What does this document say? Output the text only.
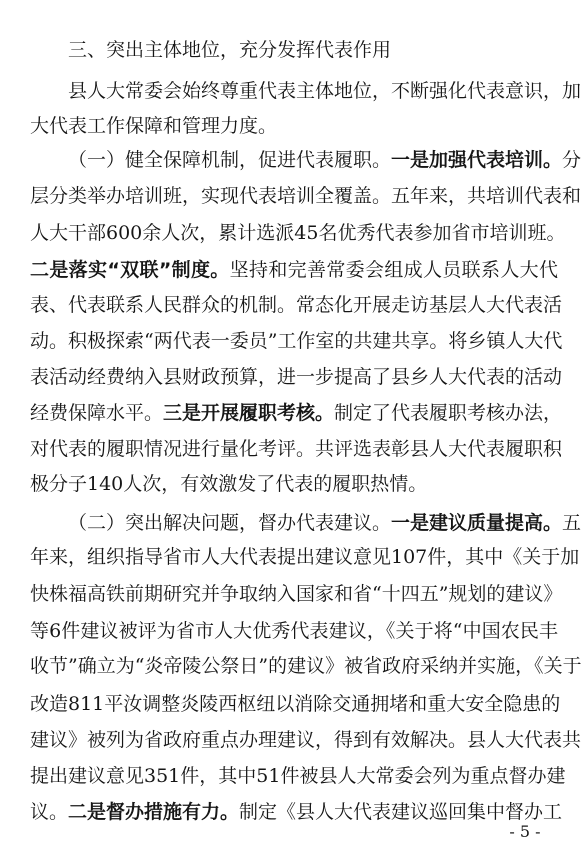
三、突出主体地位，充分发挥代表作用
县人大常委会始终尊重代表主体地位，不断强化代表意识，加
大代表工作保障和管理力度。
（一）健全保障机制，促进代表履职。一是加强代表培训。分
层分类举办培训班，实现代表培训全覆盖。五年来，共培训代表和
人大干部600余人次，累计选派45名优秀代表参加省市培训班。
二是落实“双联”制度。坚持和完善常委会组成人员联系人大代
表、代表联系人民群众的机制。常态化开展走访基层人大代表活
动。积极探索“两代表一委员”工作室的共建共享。将乡镇人大代
表活动经费纳入县财政预算，进一步提高了县乡人大代表的活动
经费保障水平。三是开展履职考核。制定了代表履职考核办法，
对代表的履职情况进行量化考评。共评选表彰县人大代表履职积
极分子140人次，有效激发了代表的履职热情。
（二）突出解决问题，督办代表建议。一是建议质量提高。五
年来，组织指导省市人大代表提出建议意见107件，其中《关于加
快株福高铁前期研究并争取纳入国家和省“十四五”规划的建议》
等6件建议被评为省市人大优秀代表建议，《关于将“中国农民丰
收节”确立为“炎帝陵公祭日”的建议》被省政府采纳并实施，《关于
改造811平汝调整炎陵西枢纽以消除交通拥堵和重大安全隐患的
建议》被列为省政府重点办理建议，得到有效解决。县人大代表共
提出建议意见351件，其中51件被县人大常委会列为重点督办建
议。二是督办措施有力。制定《县人大代表建议巡回集中督办工
- 5 -
